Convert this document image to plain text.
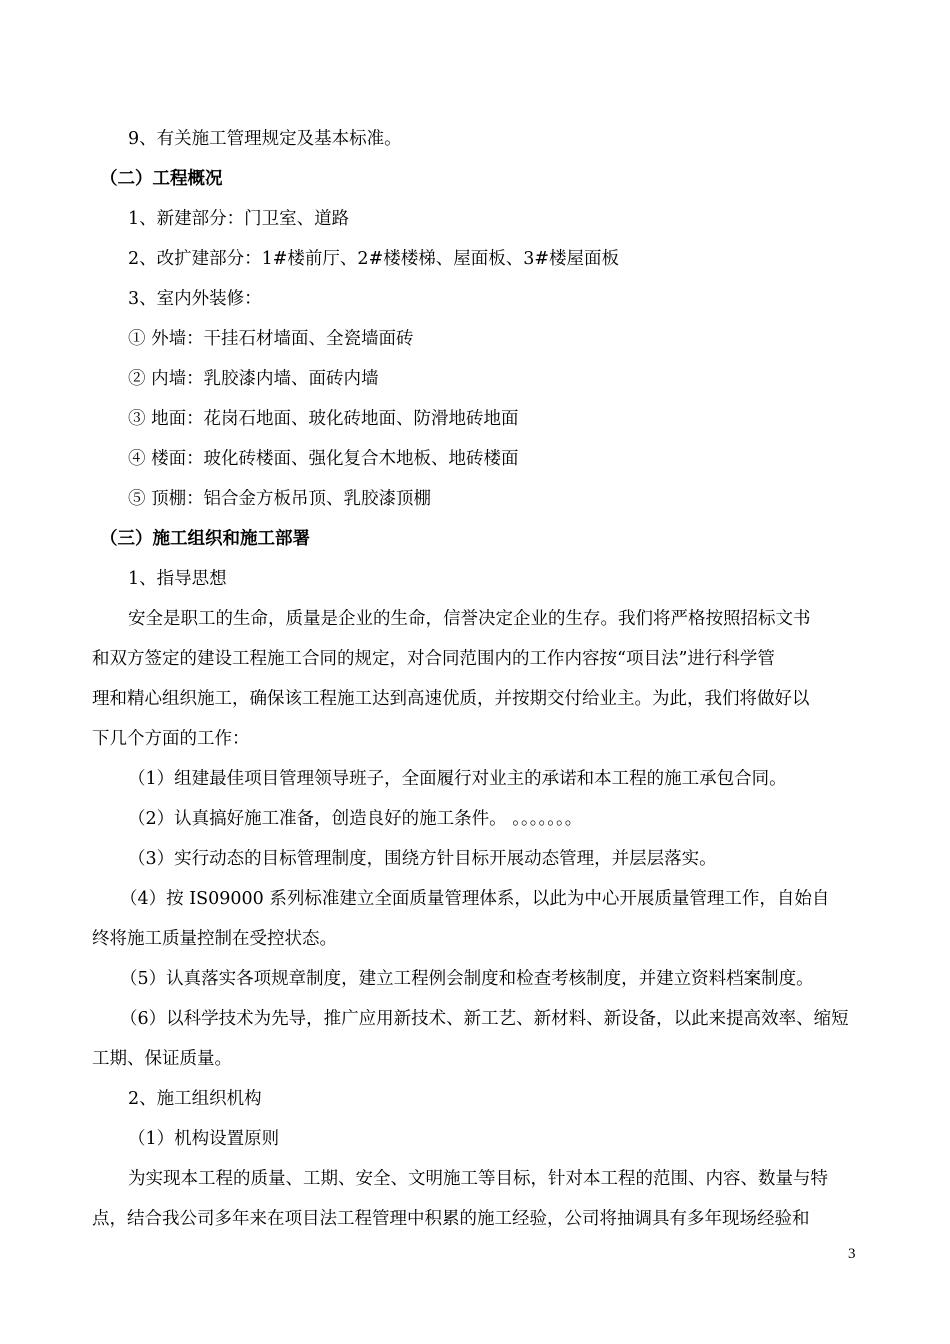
9、有关施工管理规定及基本标准。
（二）工程概况
1、新建部分：门卫室、道路
2、改扩建部分：1#楼前厅、2#楼楼梯、屋面板、3#楼屋面板
3、室内外装修：
① 外墙：干挂石材墙面、全瓷墙面砖
② 内墙：乳胶漆内墙、面砖内墙
③ 地面：花岗石地面、玻化砖地面、防滑地砖地面
④ 楼面：玻化砖楼面、强化复合木地板、地砖楼面
⑤ 顶棚：铝合金方板吊顶、乳胶漆顶棚
（三）施工组织和施工部署
1、指导思想
安全是职工的生命，质量是企业的生命，信誉决定企业的生存。我们将严格按照招标文书
和双方签定的建设工程施工合同的规定，对合同范围内的工作内容按“项目法”进行科学管
理和精心组织施工，确保该工程施工达到高速优质，并按期交付给业主。为此，我们将做好以
下几个方面的工作：
（1）组建最佳项目管理领导班子，全面履行对业主的承诺和本工程的施工承包合同。
（2）认真搞好施工准备，创造良好的施工条件。 。。。。。。。
（3）实行动态的目标管理制度，围绕方针目标开展动态管理，并层层落实。
（4）按 IS09000 系列标准建立全面质量管理体系，以此为中心开展质量管理工作，自始自
终将施工质量控制在受控状态。
（5）认真落实各项规章制度，建立工程例会制度和检查考核制度，并建立资料档案制度。
（6）以科学技术为先导，推广应用新技术、新工艺、新材料、新设备，以此来提高效率、缩短
工期、保证质量。
2、施工组织机构
（1）机构设置原则
为实现本工程的质量、工期、安全、文明施工等目标，针对本工程的范围、内容、数量与特
点，结合我公司多年来在项目法工程管理中积累的施工经验，公司将抽调具有多年现场经验和
3
